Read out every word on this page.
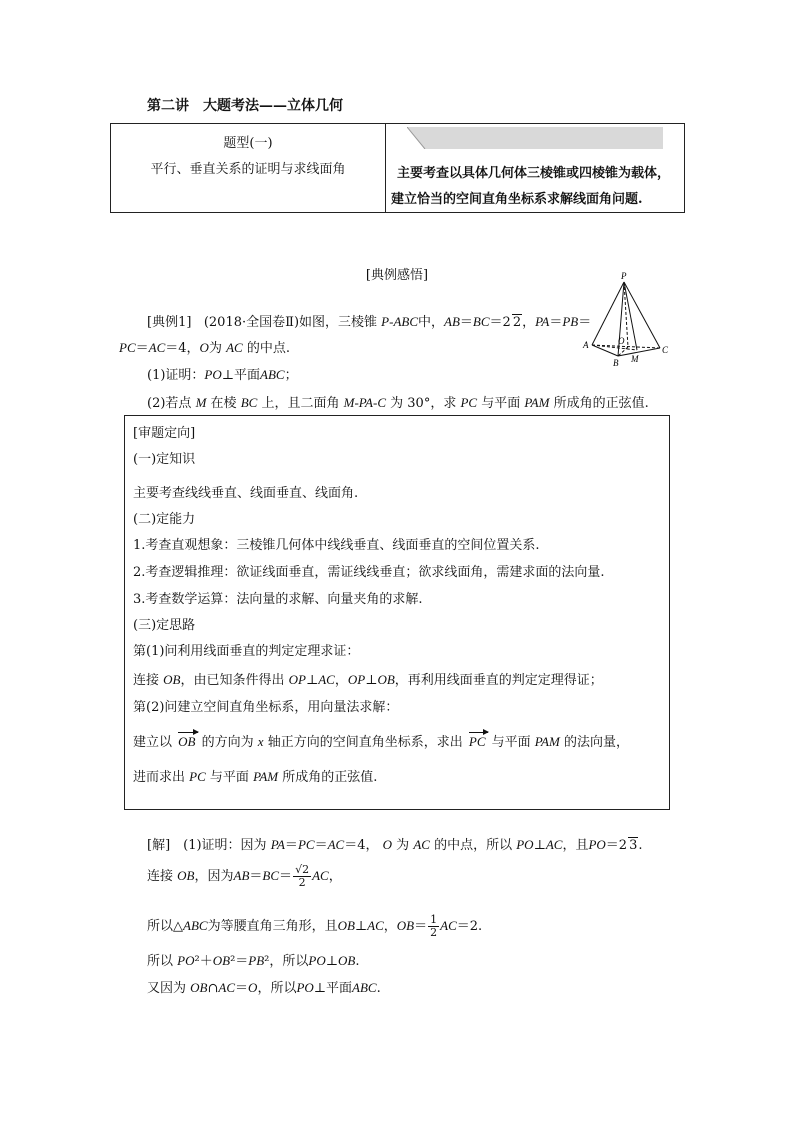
第二讲　大题考法——立体几何
题型(一)
平行、垂直关系的证明与求线面角	主要考查以具体几何体三棱锥或四棱锥为载体，
建立恰当的空间直角坐标系求解线面角问题.
[典例感悟]
[典例1] (2018·全国卷Ⅱ)如图，三棱锥 P-ABC中，AB＝BC＝2 2，PA＝PB＝
PC＝AC＝4，O为 AC 的中点.
(1)证明：PO⊥平面ABC；
(2)若点 M 在棱 BC 上，且二面角 M-PA-C 为 30°，求 PC 与平面 PAM 所成角的正弦值.
P
A
B
C
O
M
[审题定向]
(一)定知识
主要考查线线垂直、线面垂直、线面角.
(二)定能力
1.考查直观想象：三棱锥几何体中线线垂直、线面垂直的空间位置关系.
2.考查逻辑推理：欲证线面垂直，需证线线垂直；欲求线面角，需建求面的法向量.
3.考查数学运算：法向量的求解、向量夹角的求解.
(三)定思路
第(1)问利用线面垂直的判定定理求证：
连接 OB，由已知条件得出 OP⊥AC，OP⊥OB，再利用线面垂直的判定定理得证；
第(2)问建立空间直角坐标系，用向量法求解：
建立以 OB 的方向为 x 轴正方向的空间直角坐标系，求出 PC 与平面 PAM 的法向量，
进而求出 PC 与平面 PAM 所成角的正弦值.
[解]　(1)证明：因为 PA＝PC＝AC＝4， O 为 AC 的中点，所以 PO⊥AC，且PO＝2 3.
连接 OB，因为$AB=BC= \frac{√2}{2}$ AC，
所以△ABC为等腰直角三角形，且OB⊥AC，$OB= \frac{1}{2} AC=2$.
所以 PO²＋OB²＝PB²，所以PO⊥OB.
又因为 OB∩AC＝O，所以PO⊥平面ABC.
